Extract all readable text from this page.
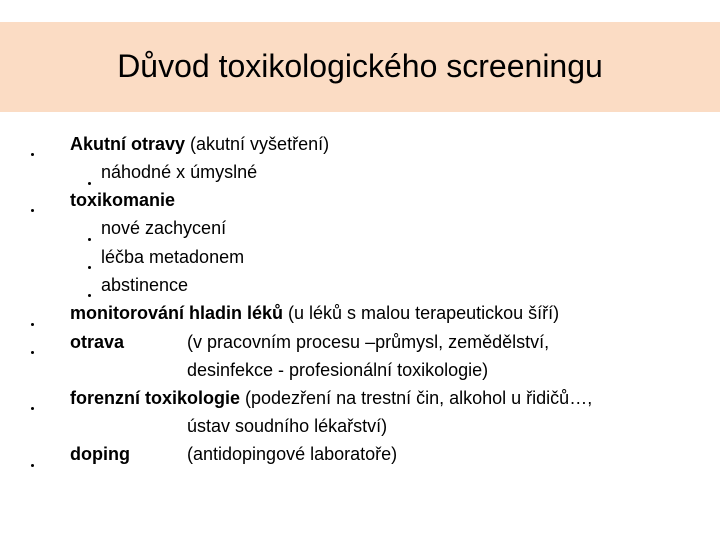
Důvod toxikologického screeningu
Akutní otravy (akutní vyšetření)
náhodné x úmyslné
toxikomanie
nové zachycení
léčba metadonem
abstinence
monitorování hladin léků (u léků s malou terapeutickou šíří)
otrava	(v pracovním procesu –průmysl, zemědělství,
desinfekce - profesionální toxikologie)
forenzní toxikologie (podezření na trestní čin, alkohol u řidičů…,
ústav soudního lékařství)
doping	(antidopingové laboratoře)
